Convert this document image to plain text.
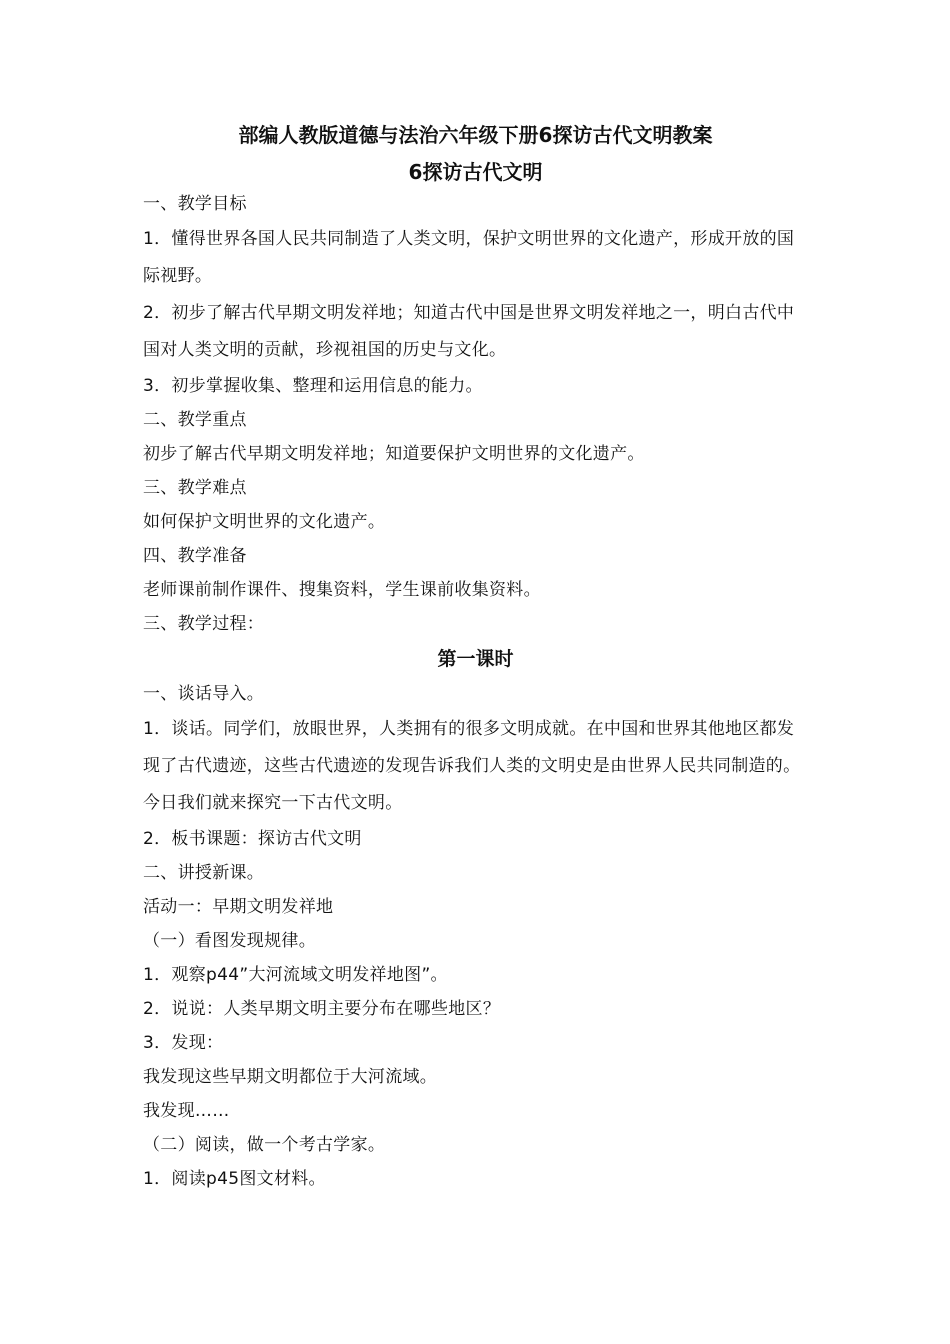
部编人教版道德与法治六年级下册6探访古代文明教案
6探访古代文明

一、教学目标

1．懂得世界各国人民共同制造了人类文明，保护文明世界的文化遗产，形成开放的国际视野。

2．初步了解古代早期文明发祥地；知道古代中国是世界文明发祥地之一，明白古代中国对人类文明的贡献，珍视祖国的历史与文化。

3．初步掌握收集、整理和运用信息的能力。

二、教学重点

初步了解古代早期文明发祥地；知道要保护文明世界的文化遗产。

三、教学难点

如何保护文明世界的文化遗产。

四、教学准备

老师课前制作课件、搜集资料，学生课前收集资料。

三、教学过程：

第一课时

一、谈话导入。

1．谈话。同学们，放眼世界，人类拥有的很多文明成就。在中国和世界其他地区都发现了古代遗迹，这些古代遗迹的发现告诉我们人类的文明史是由世界人民共同制造的。今日我们就来探究一下古代文明。

2．板书课题：探访古代文明

二、讲授新课。

活动一：早期文明发祥地

（一）看图发现规律。

1．观察p44”大河流域文明发祥地图”。

2．说说：人类早期文明主要分布在哪些地区？

3．发现：

我发现这些早期文明都位于大河流域。

我发现……

（二）阅读，做一个考古学家。

1．阅读p45图文材料。
